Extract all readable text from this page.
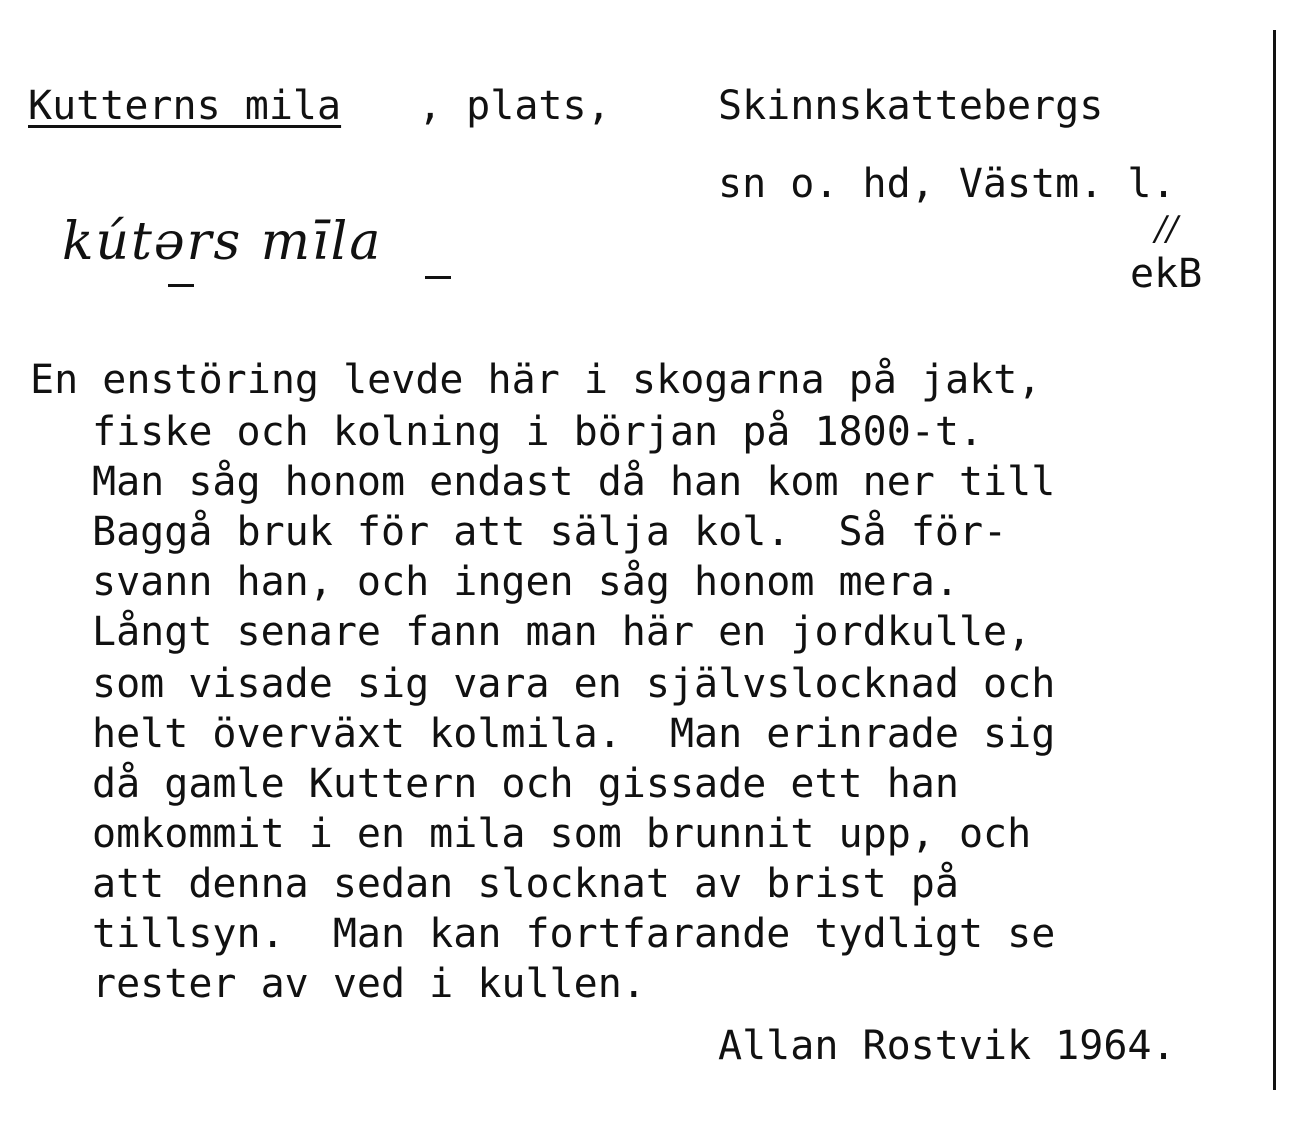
Kutterns mila , plats,	Skinnskattebergs
sn o. hd, Västm. l.
kútərs mīla	//
ekB
En enstöring levde här i skogarna på jakt,
fiske och kolning i början på 1800-t.
Man såg honom endast då han kom ner till
Baggå bruk för att sälja kol.  Så för-
svann han, och ingen såg honom mera.
Långt senare fann man här en jordkulle,
som visade sig vara en självslocknad och
helt överväxt kolmila.  Man erinrade sig
då gamle Kuttern och gissade ett han
omkommit i en mila som brunnit upp, och
att denna sedan slocknat av brist på
tillsyn.  Man kan fortfarande tydligt se
rester av ved i kullen.
Allan Rostvik 1964.
